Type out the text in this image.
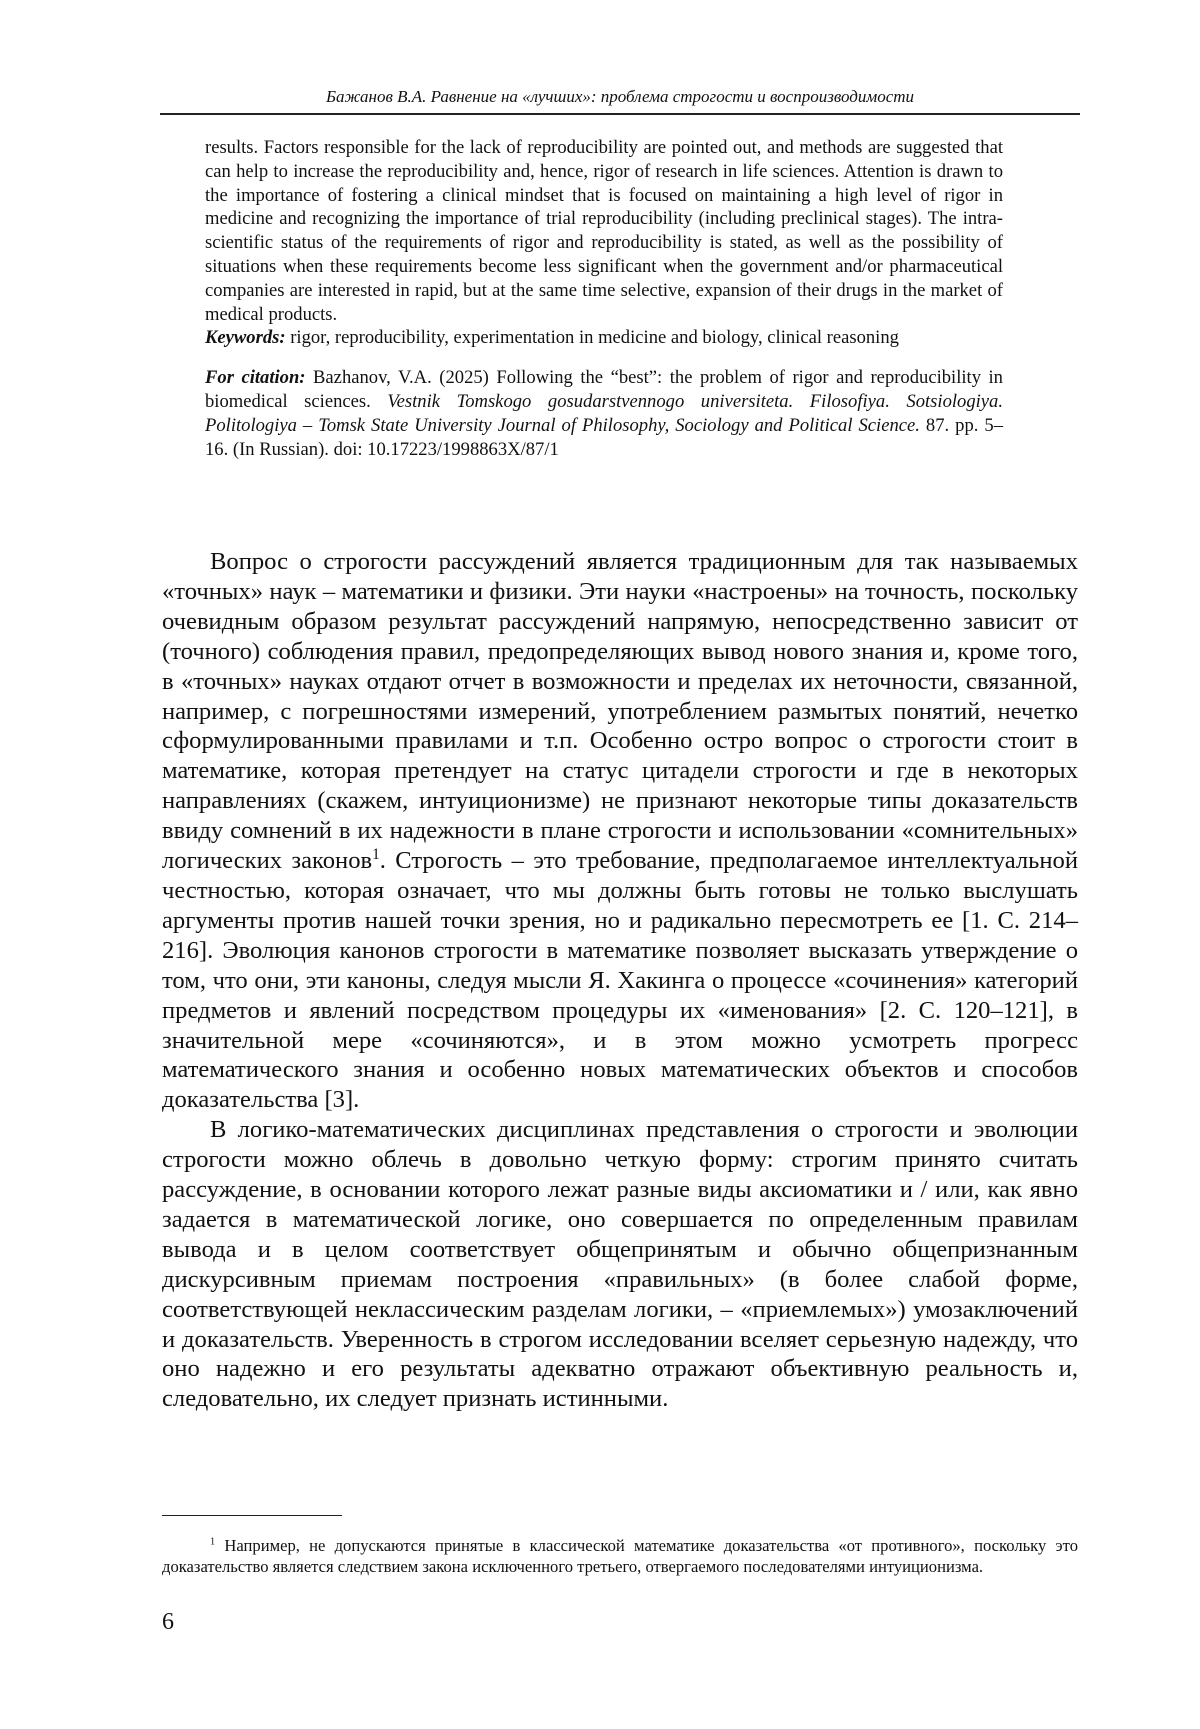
Бажанов В.А. Равнение на «лучших»: проблема строгости и воспроизводимости

results. Factors responsible for the lack of reproducibility are pointed out, and methods are suggested that can help to increase the reproducibility and, hence, rigor of research in life sciences. Attention is drawn to the importance of fostering a clinical mindset that is focused on maintaining a high level of rigor in medicine and recognizing the importance of trial reproducibility (including preclinical stages). The intra-scientific status of the requirements of rigor and reproducibility is stated, as well as the possibility of situations when these requirements become less significant when the government and/or pharmaceutical companies are interested in rapid, but at the same time selective, expansion of their drugs in the market of medical products.

Keywords: rigor, reproducibility, experimentation in medicine and biology, clinical reasoning

For citation: Bazhanov, V.A. (2025) Following the “best”: the problem of rigor and reproducibility in biomedical sciences. Vestnik Tomskogo gosudarstvennogo universiteta. Filosofiya. Sotsiologiya. Politologiya – Tomsk State University Journal of Philosophy, Sociology and Political Science. 87. pp. 5–16. (In Russian). doi: 10.17223/1998863X/87/1

Вопрос о строгости рассуждений является традиционным для так называемых «точных» наук – математики и физики. Эти науки «настроены» на точность, поскольку очевидным образом результат рассуждений напрямую, непосредственно зависит от (точного) соблюдения правил, предопределяющих вывод нового знания и, кроме того, в «точных» науках отдают отчет в возможности и пределах их неточности, связанной, например, с погрешностями измерений, употреблением размытых понятий, нечетко сформулированными правилами и т.п. Особенно остро вопрос о строгости стоит в математике, которая претендует на статус цитадели строгости и где в некоторых направлениях (скажем, интуиционизме) не признают некоторые типы доказательств ввиду сомнений в их надежности в плане строгости и использовании «сомнительных» логических законов$^1$. Строгость – это требование, предполагаемое интеллектуальной честностью, которая означает, что мы должны быть готовы не только выслушать аргументы против нашей точки зрения, но и радикально пересмотреть ее [1. С. 214–216]. Эволюция канонов строгости в математике позволяет высказать утверждение о том, что они, эти каноны, следуя мысли Я. Хакинга о процессе «сочинения» категорий предметов и явлений посредством процедуры их «именования» [2. С. 120–121], в значительной мере «сочиняются», и в этом можно усмотреть прогресс математического знания и особенно новых математических объектов и способов доказательства [3].

В логико-математических дисциплинах представления о строгости и эволюции строгости можно облечь в довольно четкую форму: строгим принято считать рассуждение, в основании которого лежат разные виды аксиоматики и / или, как явно задается в математической логике, оно совершается по определенным правилам вывода и в целом соответствует общепринятым и обычно общепризнанным дискурсивным приемам построения «правильных» (в более слабой форме, соответствующей неклассическим разделам логики, – «приемлемых») умозаключений и доказательств. Уверенность в строгом исследовании вселяет серьезную надежду, что оно надежно и его результаты адекватно отражают объективную реальность и, следовательно, их следует признать истинными.

$^1$ Например, не допускаются принятые в классической математике доказательства «от противного», поскольку это доказательство является следствием закона исключенного третьего, отвергаемого последователями интуиционизма.

6
